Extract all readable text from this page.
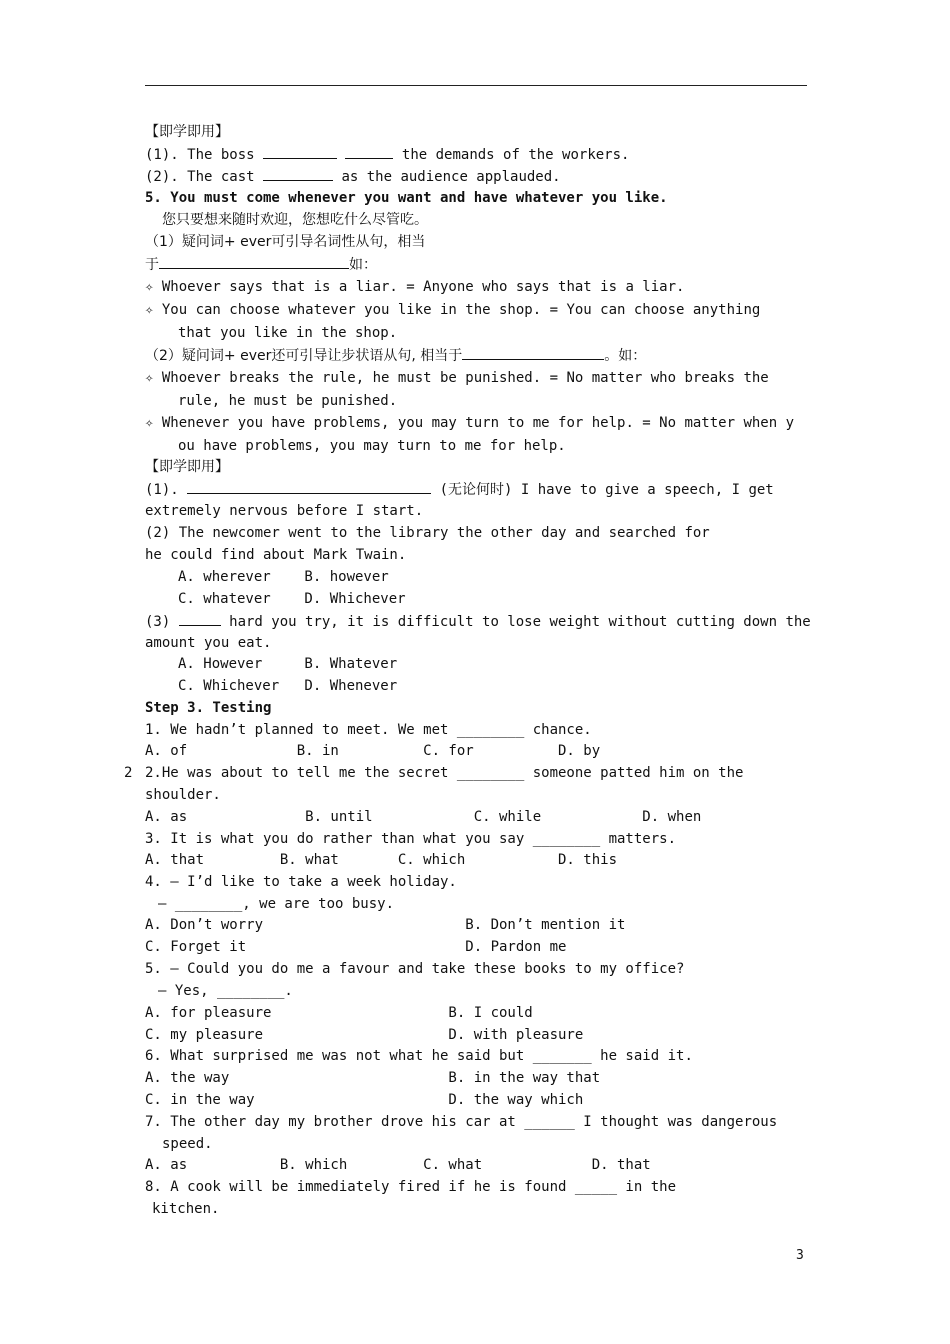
【即学即用】
(1). The boss	the demands of the workers.
(2). The cast	as the audience applauded.
5. You must come whenever you want and have whatever you like.
您只要想来随时欢迎，您想吃什么尽管吃。
（1）疑问词+ ever可引导名词性从句，相当
于	如：
✧ Whoever says that is a liar. = Anyone who says that is a liar.
✧ You can choose whatever you like in the shop. = You can choose anything
that you like in the shop.
（2）疑问词+ ever还可引导让步状语从句, 相当于	。如：
✧ Whoever breaks the rule, he must be punished. = No matter who breaks the
rule, he must be punished.
✧ Whenever you have problems, you may turn to me for help. = No matter when y
ou have problems, you may turn to me for help.
【即学即用】
(1).	(无论何时) I have to give a speech, I get
extremely nervous before I start.
(2) The newcomer went to the library the other day and searched for
he could find about Mark Twain.
A. wherever    B. however
C. whatever    D. Whichever
(3)	hard you try, it is difficult to lose weight without cutting down the
amount you eat.
A. However     B. Whatever
C. Whichever   D. Whenever
Step 3. Testing
1. We hadn’t planned to meet. We met ________ chance.
A. of             B. in          C. for          D. by
2 2.He was about to tell me the secret ________ someone patted him on the
shoulder.
A. as              B. until            C. while            D. when
3. It is what you do rather than what you say ________ matters.
A. that         B. what       C. which           D. this
4. — I’d like to take a week holiday.
— ________, we are too busy.
A. Don’t worry                        B. Don’t mention it
C. Forget it                          D. Pardon me
5. — Could you do me a favour and take these books to my office?
— Yes, ________.
A. for pleasure                     B. I could
C. my pleasure                      D. with pleasure
6. What surprised me was not what he said but _______ he said it.
A. the way                          B. in the way that
C. in the way                       D. the way which
7. The other day my brother drove his car at ______ I thought was dangerous
speed.
A. as           B. which         C. what             D. that
8. A cook will be immediately fired if he is found _____ in the
kitchen.
3
